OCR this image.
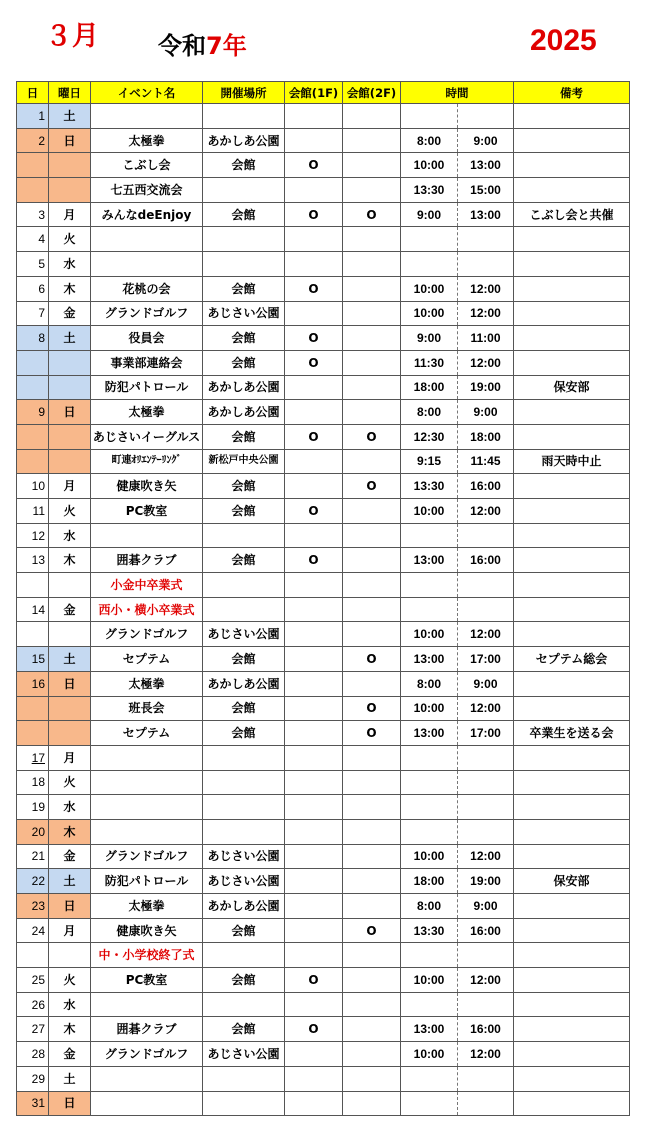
３月 令和7年	2025
日	曜日	イベント名	開催場所	会館(1F)	会館(2F)	時間		備考
1	土							
2	日	太極拳	あかしあ公園			8:00	9:00	
		こぶし会	会館	O		10:00	13:00	
		七五西交流会				13:30	15:00	
3	月	みんなdeEnjoy	会館	O	O	9:00	13:00	こぶし会と共催
4	火							
5	水							
6	木	花桃の会	会館	O		10:00	12:00	
7	金	グランドゴルフ	あじさい公園			10:00	12:00	
8	土	役員会	会館	O		9:00	11:00	
		事業部連絡会	会館	O		11:30	12:00	
		防犯パトロール	あかしあ公園			18:00	19:00	保安部
9	日	太極拳	あかしあ公園			8:00	9:00	
		あじさいイーグルス	会館	O	O	12:30	18:00	
		町連ｵﾘｴﾝﾃｰﾘﾝｸﾞ	新松戸中央公園			9:15	11:45	雨天時中止
10	月	健康吹き矢	会館		O	13:30	16:00	
11	火	PC教室	会館	O		10:00	12:00	
12	水							
13	木	囲碁クラブ	会館	O		13:00	16:00	
		小金中卒業式						
14	金	西小・横小卒業式						
		グランドゴルフ	あじさい公園			10:00	12:00	
15	土	セプテム	会館		O	13:00	17:00	セプテム総会
16	日	太極拳	あかしあ公園			8:00	9:00	
		班長会	会館		O	10:00	12:00	
		セプテム	会館		O	13:00	17:00	卒業生を送る会
17	月							
18	火							
19	水							
20	木							
21	金	グランドゴルフ	あじさい公園			10:00	12:00	
22	土	防犯パトロール	あじさい公園			18:00	19:00	保安部
23	日	太極拳	あかしあ公園			8:00	9:00	
24	月	健康吹き矢	会館		O	13:30	16:00	
		中・小学校終了式						
25	火	PC教室	会館	O		10:00	12:00	
26	水							
27	木	囲碁クラブ	会館	O		13:00	16:00	
28	金	グランドゴルフ	あじさい公園			10:00	12:00	
29	土							
31	日							
